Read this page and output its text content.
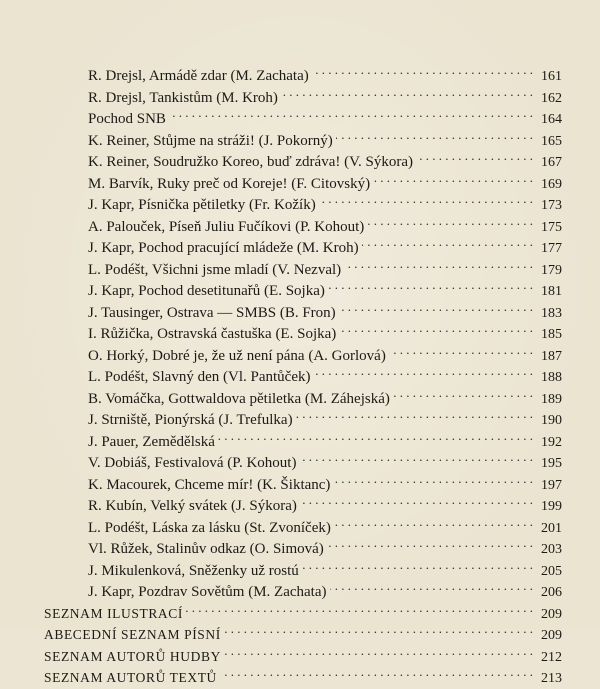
R. Drejsl, Armádě zdar (M. Zachata) . . .	161
R. Drejsl, Tankistům (M. Kroh) . . .	162
Pochod SNB . . .	164
K. Reiner, Stůjme na stráži! (J. Pokorný) . . .	165
K. Reiner, Soudružko Koreo, buď zdráva! (V. Sýkora) . . .	167
M. Barvík, Ruky preč od Koreje! (F. Citovský) . . .	169
J. Kapr, Písnička pětiletky (Fr. Kožík) . . .	173
A. Palouček, Píseň Juliu Fučíkovi (P. Kohout) . . .	175
J. Kapr, Pochod pracující mládeže (M. Kroh) . . .	177
L. Podéšt, Všichni jsme mladí (V. Nezval) . . .	179
J. Kapr, Pochod desetitunařů (E. Sojka) . . .	181
J. Tausinger, Ostrava — SMBS (B. Fron) . . .	183
I. Růžička, Ostravská častuška (E. Sojka) . . .	185
O. Horký, Dobré je, že už není pána (A. Gorlová) . . .	187
L. Podéšt, Slavný den (Vl. Pantůček) . . .	188
B. Vomáčka, Gottwaldova pětiletka (M. Záhejská) . . .	189
J. Strniště, Pionýrská (J. Trefulka) . . .	190
J. Pauer, Zemědělská . . .	192
V. Dobiáš, Festivalová (P. Kohout) . . .	195
K. Macourek, Chceme mír! (K. Šiktanc) . . .	197
R. Kubín, Velký svátek (J. Sýkora) . . .	199
L. Podéšt, Láska za lásku (St. Zvoníček) . . .	201
Vl. Růžek, Stalinův odkaz (O. Simová) . . .	203
J. Mikulenková, Sněženky už rostú . . .	205
J. Kapr, Pozdrav Sovětům (M. Zachata) . . .	206
SEZNAM ILUSTRACÍ . . .	209
ABECEDNÍ SEZNAM PÍSNÍ . . .	209
SEZNAM AUTORŮ HUDBY . . .	212
SEZNAM AUTORŮ TEXTŮ . . .	213
